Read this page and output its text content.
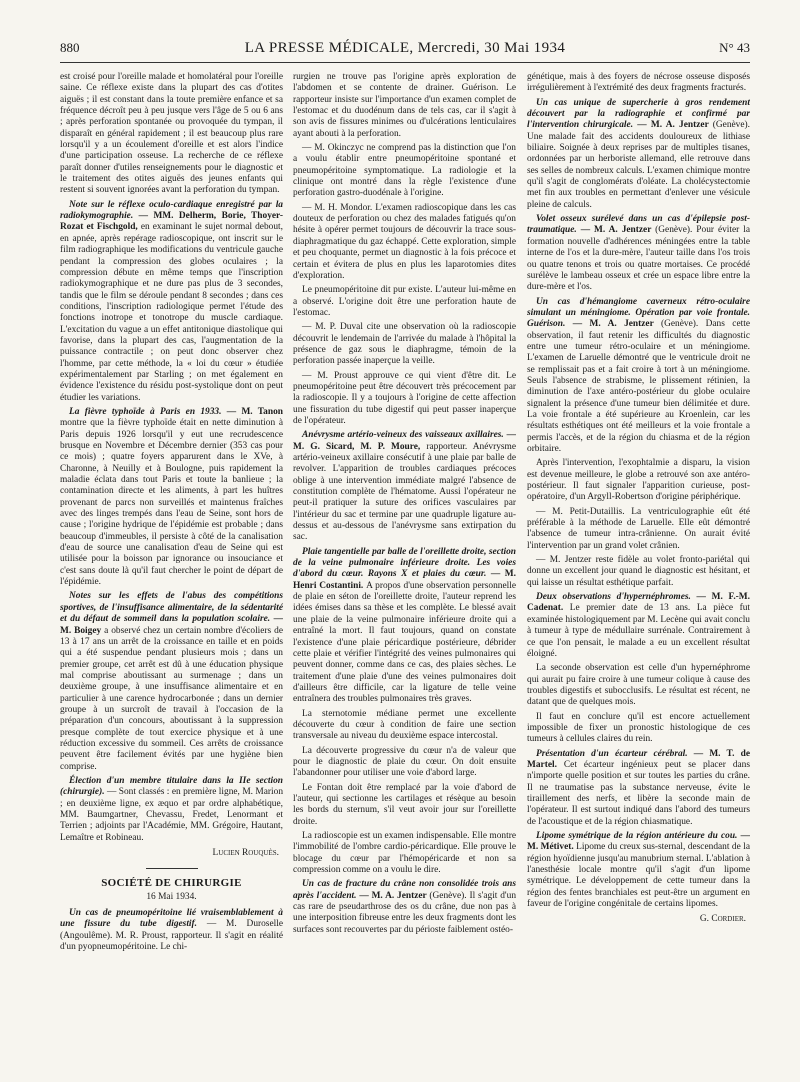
880	LA PRESSE MÉDICALE, Mercredi, 30 Mai 1934	N° 43

est croisé pour l'oreille malade et homolatéral pour l'oreille saine. Ce réflexe existe dans la plupart des cas d'otites aiguës ; il est constant dans la toute première enfance et sa fréquence décroît peu à peu jusque vers l'âge de 5 ou 6 ans ; après perforation spontanée ou provoquée du tympan, il disparaît en général rapidement ; il est beaucoup plus rare lorsqu'il y a un écoulement d'oreille et est alors l'indice d'une participation osseuse. La recherche de ce réflexe paraît donner d'utiles renseignements pour le diagnostic et le traitement des otites aiguës des jeunes enfants qui restent si souvent ignorées avant la perforation du tympan.

Note sur le réflexe oculo-cardiaque enregistré par la radiokymographie. — MM. Delherm, Borie, Thoyer-Rozat et Fischgold, en examinant le sujet normal debout, en apnée, après repérage radioscopique, ont inscrit sur le film radiographique les modifications du ventricule gauche pendant la compression des globes oculaires ; la compression débute en même temps que l'inscription radiokymographique et ne dure pas plus de 3 secondes, tandis que le film se déroule pendant 8 secondes ; dans ces conditions, l'inscription radiologique permet l'étude des fonctions inotrope et tonotrope du muscle cardiaque. L'excitation du vague a un effet antitonique diastolique qui favorise, dans la plupart des cas, l'augmentation de la puissance contractile ; on peut donc observer chez l'homme, par cette méthode, la « loi du cœur » étudiée expérimentalement par Starling ; on met également en évidence l'existence du résidu post-systolique dont on peut étudier les variations.

La fièvre typhoïde à Paris en 1933. — M. Tanon montre que la fièvre typhoïde était en nette diminution à Paris depuis 1926 lorsqu'il y eut une recrudescence brusque en Novembre et Décembre dernier (353 cas pour ce mois) ; quatre foyers apparurent dans le XVe, à Charonne, à Neuilly et à Boulogne, puis rapidement la maladie éclata dans tout Paris et toute la banlieue ; la contamination directe et les aliments, à part les huîtres provenant de parcs non surveillés et maintenus fraîches avec des linges trempés dans l'eau de Seine, sont hors de cause ; l'origine hydrique de l'épidémie est probable ; dans beaucoup d'immeubles, il persiste à côté de la canalisation d'eau de source une canalisation d'eau de Seine qui est utilisée pour la boisson par ignorance ou insouciance et c'est sans doute là qu'il faut chercher le point de départ de l'épidémie.

Notes sur les effets de l'abus des compétitions sportives, de l'insuffisance alimentaire, de la sédentarité et du défaut de sommeil dans la population scolaire. — M. Boigey a observé chez un certain nombre d'écoliers de 13 à 17 ans un arrêt de la croissance en taille et en poids qui a été suspendue pendant plusieurs mois ; dans un premier groupe, cet arrêt est dû à une éducation physique mal comprise aboutissant au surmenage ; dans un deuxième groupe, à une insuffisance alimentaire et en particulier à une carence hydrocarbonée ; dans un dernier groupe à un surcroît de travail à l'occasion de la préparation d'un concours, aboutissant à la suppression presque complète de tout exercice physique et à une réduction excessive du sommeil. Ces arrêts de croissance peuvent être facilement évités par une hygiène bien comprise.

Élection d'un membre titulaire dans la IIe section (chirurgie). — Sont classés : en première ligne, M. Marion ; en deuxième ligne, ex æquo et par ordre alphabétique, MM. Baumgartner, Chevassu, Fredet, Lenormant et Terrien ; adjoints par l'Académie, MM. Grégoire, Hautant, Lemaître et Robineau.

Lucien Rouquès.
SOCIÉTÉ DE CHIRURGIE
16 Mai 1934.

Un cas de pneumopéritoine lié vraisemblablement à une fissure du tube digestif. — M. Duroselle (Angoulême). M. R. Proust, rapporteur. Il s'agit en réalité d'un pyopneumopéritoine. Le chi-

rurgien ne trouve pas l'origine après exploration de l'abdomen et se contente de drainer. Guérison. Le rapporteur insiste sur l'importance d'un examen complet de l'estomac et du duodénum dans de tels cas, car il s'agit à son avis de fissures minimes ou d'ulcérations lenticulaires ayant abouti à la perforation.

— M. Okinczyc ne comprend pas la distinction que l'on a voulu établir entre pneumopéritoine spontané et pneumopéritoine symptomatique. La radiologie et la clinique ont montré dans la règle l'existence d'une perforation gastro-duodénale à l'origine.

— M. H. Mondor. L'examen radioscopique dans les cas douteux de perforation ou chez des malades fatigués qu'on hésite à opérer permet toujours de découvrir la trace sous-diaphragmatique du gaz échappé. Cette exploration, simple et peu choquante, permet un diagnostic à la fois précoce et certain et évitera de plus en plus les laparotomies dites d'exploration.

Le pneumopéritoine dit pur existe. L'auteur lui-même en a observé. L'origine doit être une perforation haute de l'estomac.

— M. P. Duval cite une observation où la radioscopie découvrit le lendemain de l'arrivée du malade à l'hôpital la présence de gaz sous le diaphragme, témoin de la perforation passée inaperçue la veille.

— M. Proust approuve ce qui vient d'être dit. Le pneumopéritoine peut être découvert très précocement par la radioscopie. Il y a toujours à l'origine de cette affection une fissuration du tube digestif qui peut passer inaperçue de l'opérateur.

Anévrysme artério-veineux des vaisseaux axillaires. — M. G. Sicard, M. P. Moure, rapporteur. Anévrysme artério-veineux axillaire consécutif à une plaie par balle de revolver. L'apparition de troubles cardiaques précoces oblige à une intervention immédiate malgré l'absence de constitution complète de l'hématome. Aussi l'opérateur ne peut-il pratiquer la suture des orifices vasculaires par l'intérieur du sac et termine par une quadruple ligature au-dessus et au-dessous de l'anévrysme sans extirpation du sac.

Plaie tangentielle par balle de l'oreillette droite, section de la veine pulmonaire inférieure droite. Les voies d'abord du cœur. Rayons X et plaies du cœur. — M. Henri Costantini. A propos d'une observation personnelle de plaie en séton de l'oreillette droite, l'auteur reprend les idées émises dans sa thèse et les complète. Le blessé avait une plaie de la veine pulmonaire inférieure droite qui a entraîné la mort. Il faut toujours, quand on constate l'existence d'une plaie péricardique postérieure, débrider cette plaie et vérifier l'intégrité des veines pulmonaires qui peuvent donner, comme dans ce cas, des plaies sèches. Le traitement d'une plaie d'une des veines pulmonaires doit d'ailleurs être difficile, car la ligature de telle veine entraînera des troubles pulmonaires très graves.

La sternotomie médiane permet une excellente découverte du cœur à condition de faire une section transversale au niveau du deuxième espace intercostal.

La découverte progressive du cœur n'a de valeur que pour le diagnostic de plaie du cœur. On doit ensuite l'abandonner pour utiliser une voie d'abord large.

Le Fontan doit être remplacé par la voie d'abord de l'auteur, qui sectionne les cartilages et résèque au besoin les bords du sternum, s'il veut avoir jour sur l'oreillette droite.

La radioscopie est un examen indispensable. Elle montre l'immobilité de l'ombre cardio-péricardique. Elle prouve le blocage du cœur par l'hémopéricarde et non sa compression comme on a voulu le dire.

Un cas de fracture du crâne non consolidée trois ans après l'accident. — M. A. Jentzer (Genève). Il s'agit d'un cas rare de pseudarthrose des os du crâne, due non pas à une interposition fibreuse entre les deux fragments dont les surfaces sont recouvertes par du périoste faiblement ostéo-

génétique, mais à des foyers de nécrose osseuse disposés irrégulièrement à l'extrémité des deux fragments fracturés.

Un cas unique de supercherie à gros rendement découvert par la radiographie et confirmé par l'intervention chirurgicale. — M. A. Jentzer (Genève). Une malade fait des accidents douloureux de lithiase biliaire. Soignée à deux reprises par de multiples tisanes, ordonnées par un herboriste allemand, elle retrouve dans ses selles de nombreux calculs. L'examen chimique montre qu'il s'agit de conglomérats d'oléate. La cholécystectomie met fin aux troubles en permettant d'enlever une vésicule pleine de calculs.

Volet osseux surélevé dans un cas d'épilepsie post-traumatique. — M. A. Jentzer (Genève). Pour éviter la formation nouvelle d'adhérences méningées entre la table interne de l'os et la dure-mère, l'auteur taille dans l'os trois ou quatre tenons et trois ou quatre mortaises. Ce procédé surélève le lambeau osseux et crée un espace libre entre la dure-mère et l'os.

Un cas d'hémangiome caverneux rétro-oculaire simulant un méningiome. Opération par voie frontale. Guérison. — M. A. Jentzer (Genève). Dans cette observation, il faut retenir les difficultés du diagnostic entre une tumeur rétro-oculaire et un méningiome. L'examen de Laruelle démontré que le ventricule droit ne se remplissait pas et a fait croire à tort à un méningiome. Seuls l'absence de strabisme, le plissement rétinien, la diminution de l'axe antéro-postérieur du globe oculaire signalent la présence d'une tumeur bien délimitée et dure. La voie frontale a été supérieure au Kroenlein, car les résultats esthétiques ont été meilleurs et la voie frontale a permis l'accès, et de la région du chiasma et de la région orbitaire.

Après l'intervention, l'exophtalmie a disparu, la vision est devenue meilleure, le globe a retrouvé son axe antéro-postérieur. Il faut signaler l'apparition curieuse, post-opératoire, d'un Argyll-Robertson d'origine périphérique.

— M. Petit-Dutaillis. La ventriculographie eût été préférable à la méthode de Laruelle. Elle eût démontré l'absence de tumeur intra-crânienne. On aurait évité l'intervention par un grand volet crânien.

— M. Jentzer reste fidèle au volet fronto-pariétal qui donne un excellent jour quand le diagnostic est hésitant, et qui laisse un résultat esthétique parfait.

Deux observations d'hypernéphromes. — M. F.-M. Cadenat. Le premier date de 13 ans. La pièce fut examinée histologiquement par M. Lecène qui avait conclu à tumeur à type de médullaire surrénale. Contrairement à ce que l'on pensait, le malade a eu un excellent résultat éloigné.

La seconde observation est celle d'un hypernéphrome qui aurait pu faire croire à une tumeur colique à cause des troubles digestifs et subocclusifs. Le résultat est récent, ne datant que de quelques mois.

Il faut en conclure qu'il est encore actuellement impossible de fixer un pronostic histologique de ces tumeurs à cellules claires du rein.

Présentation d'un écarteur cérébral. — M. T. de Martel. Cet écarteur ingénieux peut se placer dans n'importe quelle position et sur toutes les parties du crâne. Il ne traumatise pas la substance nerveuse, évite le tiraillement des nerfs, et libère la seconde main de l'opérateur. Il est surtout indiqué dans l'abord des tumeurs de l'acoustique et de la région chiasmatique.

Lipome symétrique de la région antérieure du cou. — M. Métivet. Lipome du creux sus-sternal, descendant de la région hyoïdienne jusqu'au manubrium sternal. L'ablation à l'anesthésie locale montre qu'il s'agit d'un lipome symétrique. Le développement de cette tumeur dans la région des fentes branchiales est peut-être un argument en faveur de l'origine congénitale de certains lipomes.

G. Cordier.
